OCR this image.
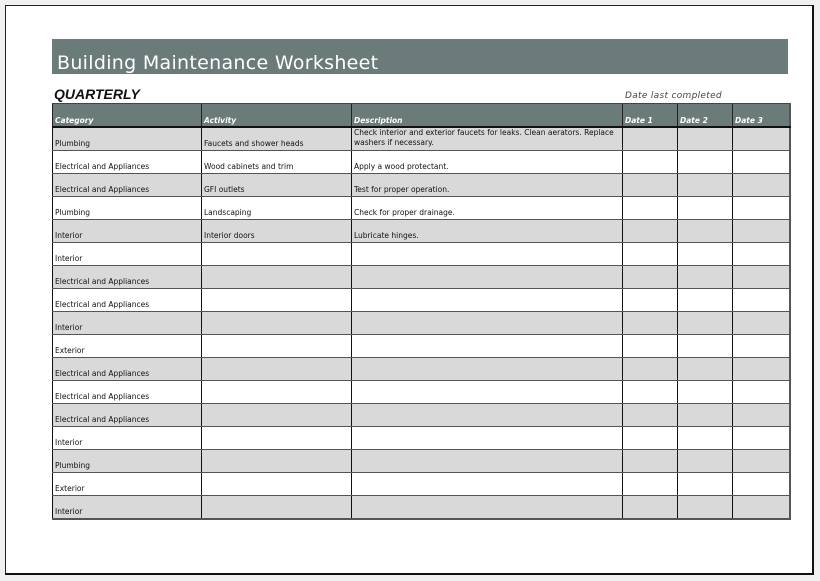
Building Maintenance Worksheet
QUARTERLY	Date last completed
Category	Activity	Description	Date 1	Date 2	Date 3
Plumbing	Faucets and shower heads	Check interior and exterior faucets for leaks. Clean aerators. Replace washers if necessary.			
Electrical and Appliances	Wood cabinets and trim	Apply a wood protectant.			
Electrical and Appliances	GFI outlets	Test for proper operation.			
Plumbing	Landscaping	Check for proper drainage.			
Interior	Interior doors	Lubricate hinges.			
Interior					
Electrical and Appliances					
Electrical and Appliances					
Interior					
Exterior					
Electrical and Appliances					
Electrical and Appliances					
Electrical and Appliances					
Interior					
Plumbing					
Exterior					
Interior					
